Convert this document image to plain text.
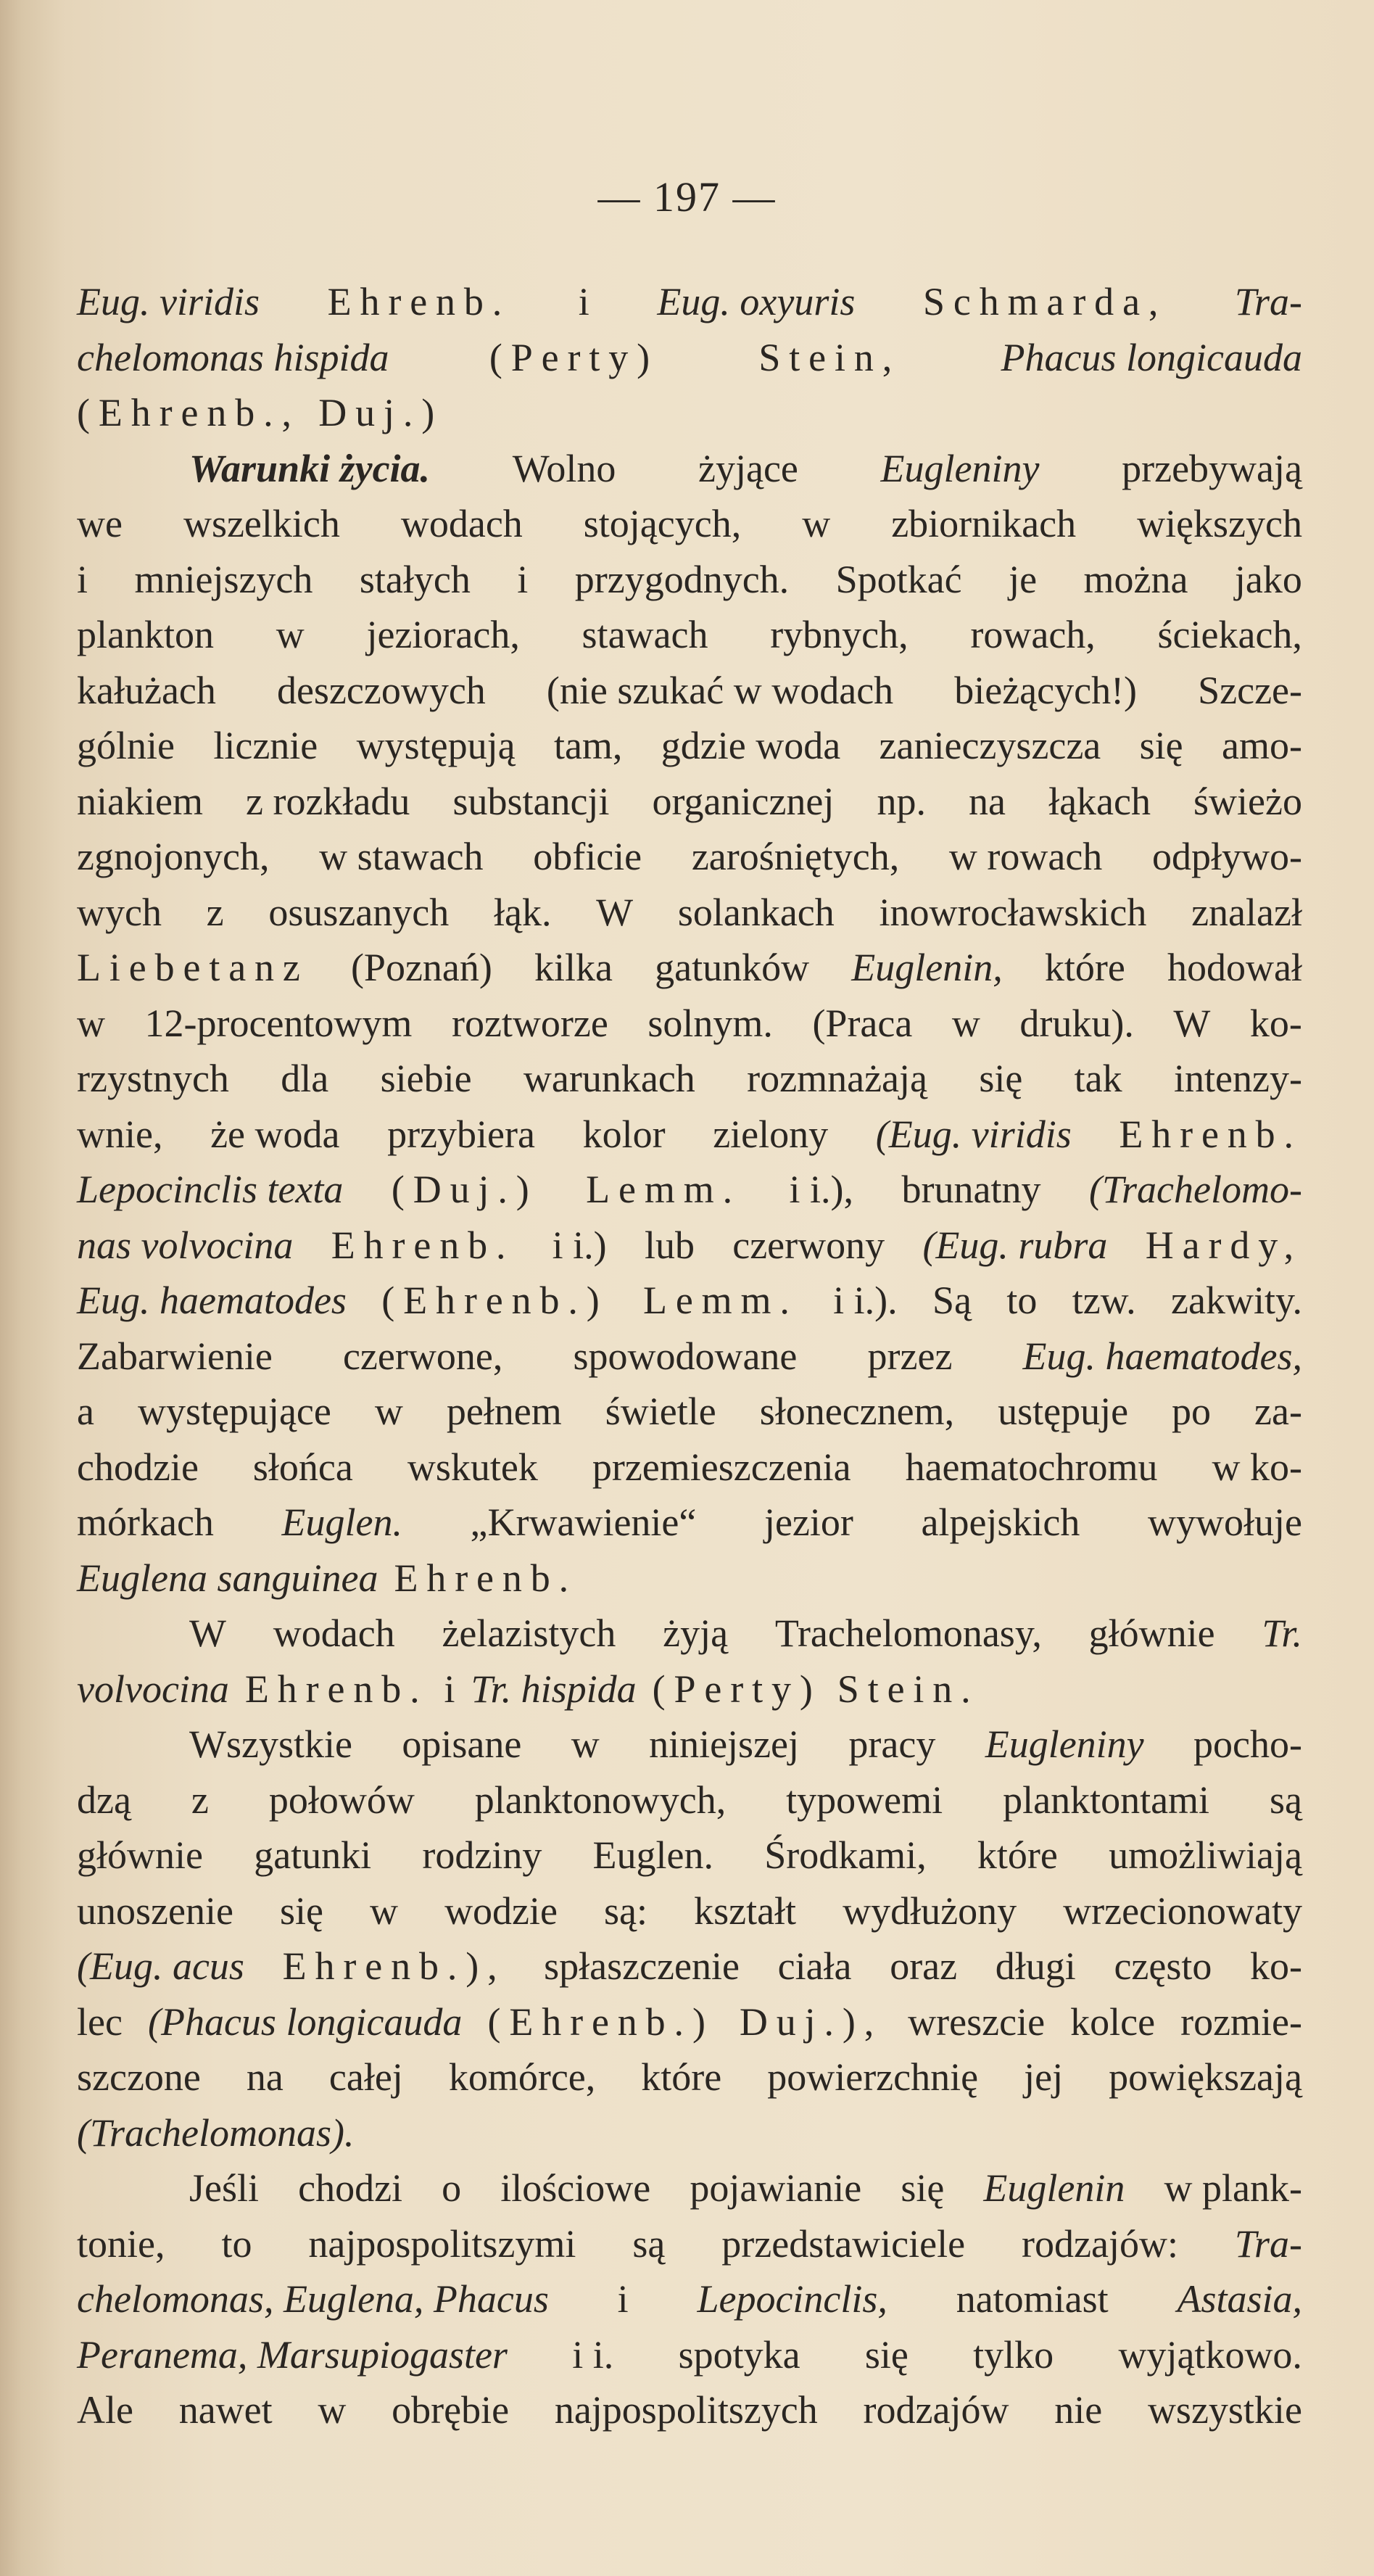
— 197 —
Eug. viridis Ehrenb. i Eug. oxyuris Schmarda, Tra-
chelomonas hispida	(Perty)	Stein,	Phacus longicauda
(Ehrenb., Duj.)
Warunki życia. Wolno żyjące Eugleniny przebywają
we wszelkich wodach stojących, w zbiornikach większych
i mniejszych stałych i przygodnych. Spotkać je można jako
plankton w jeziorach, stawach rybnych, rowach, ściekach,
kałużach deszczowych (nie szukać w wodach bieżących!) Szcze-
gólnie licznie występują tam, gdzie woda zanieczyszcza się amo-
niakiem z rozkładu substancji organicznej np. na łąkach świeżo
zgnojonych, w stawach obficie zarośniętych, w rowach odpływo-
wych z osuszanych łąk. W solankach inowrocławskich znalazł
Liebetanz (Poznań) kilka gatunków Euglenin, które hodował
w 12-procentowym roztworze solnym. (Praca w druku). W ko-
rzystnych dla siebie warunkach rozmnażają się tak intenzy-
wnie, że woda przybiera kolor zielony (Eug. viridis Ehrenb.
Lepocinclis texta (Duj.) Lemm. i i.), brunatny (Trachelomo-
nas volvocina Ehrenb. i i.) lub czerwony (Eug. rubra Hardy,
Eug. haematodes (Ehrenb.) Lemm. i i.). Są to tzw. zakwity.
Zabarwienie czerwone, spowodowane przez Eug. haematodes,
a występujące w pełnem świetle słonecznem, ustępuje po za-
chodzie słońca wskutek przemieszczenia haematochromu w ko-
mórkach Euglen. „Krwawienie“ jezior alpejskich wywołuje
Euglena sanguinea Ehrenb.
W wodach żelazistych żyją Trachelomonasy, głównie Tr.
volvocina Ehrenb. i Tr. hispida (Perty) Stein.
Wszystkie opisane w niniejszej pracy Eugleniny pocho-
dzą z połowów planktonowych, typowemi planktontami są
głównie gatunki rodziny Euglen. Środkami, które umożliwiają
unoszenie się w wodzie są: kształt wydłużony wrzecionowaty
(Eug. acus Ehrenb.), spłaszczenie ciała oraz długi często ko-
lec (Phacus longicauda (Ehrenb.) Duj.), wreszcie kolce rozmie-
szczone na całej komórce, które powierzchnię jej powiększają
(Trachelomonas).
Jeśli chodzi o ilościowe pojawianie się Euglenin w plank-
tonie, to najpospolitszymi są przedstawiciele rodzajów: Tra-
chelomonas, Euglena, Phacus i Lepocinclis, natomiast Astasia,
Peranema, Marsupiogaster i i. spotyka się tylko wyjątkowo.
Ale nawet w obrębie najpospolitszych rodzajów nie wszystkie
